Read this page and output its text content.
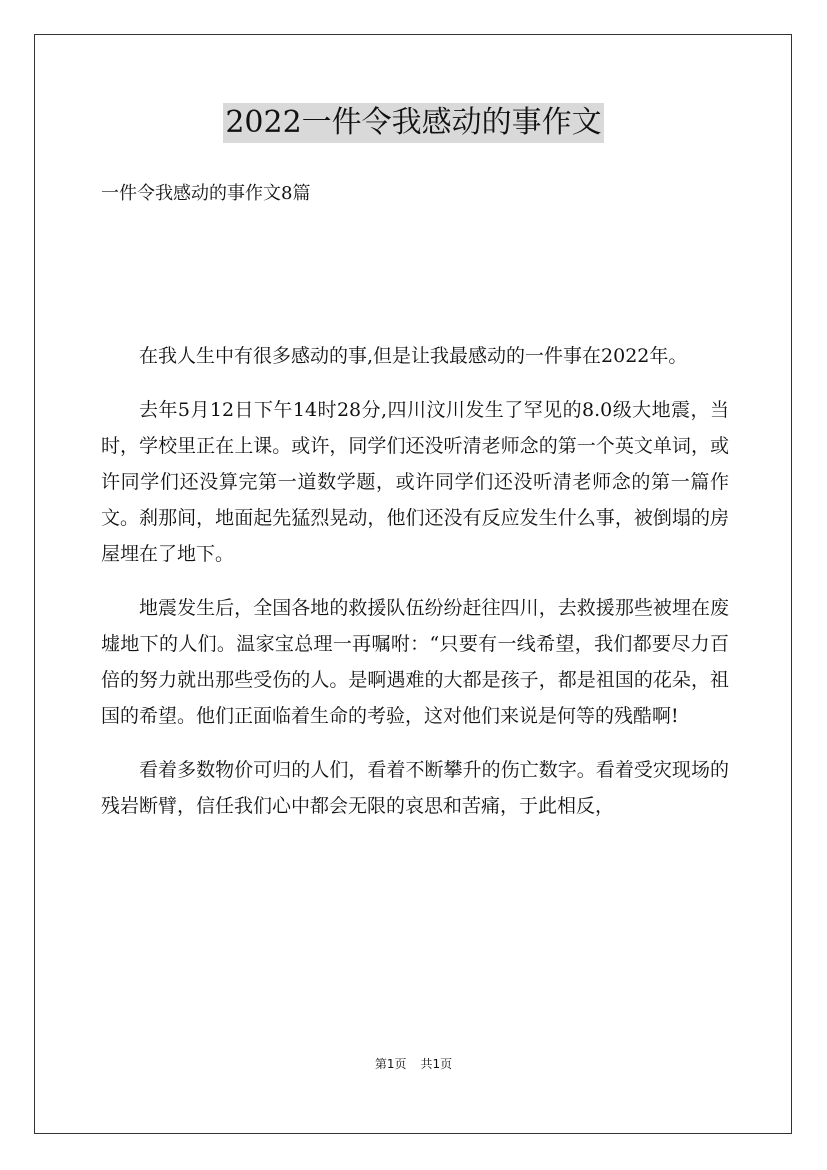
2022一件令我感动的事作文
一件令我感动的事作文8篇

在我人生中有很多感动的事,但是让我最感动的一件事在2022年。

去年5月12日下午14时28分,四川汶川发生了罕见的8.0级大地震，当时，学校里正在上课。或许，同学们还没听清老师念的第一个英文单词，或许同学们还没算完第一道数学题，或许同学们还没听清老师念的第一篇作文。刹那间，地面起先猛烈晃动，他们还没有反应发生什么事，被倒塌的房屋埋在了地下。

地震发生后，全国各地的救援队伍纷纷赶往四川，去救援那些被埋在废墟地下的人们。温家宝总理一再嘱咐：“只要有一线希望，我们都要尽力百倍的努力就出那些受伤的人。是啊遇难的大都是孩子，都是祖国的花朵，祖国的希望。他们正面临着生命的考验，这对他们来说是何等的残酷啊!

看着多数物价可归的人们，看着不断攀升的伤亡数字。看着受灾现场的残岩断臂，信任我们心中都会无限的哀思和苦痛，于此相反，

第1页 共1页
